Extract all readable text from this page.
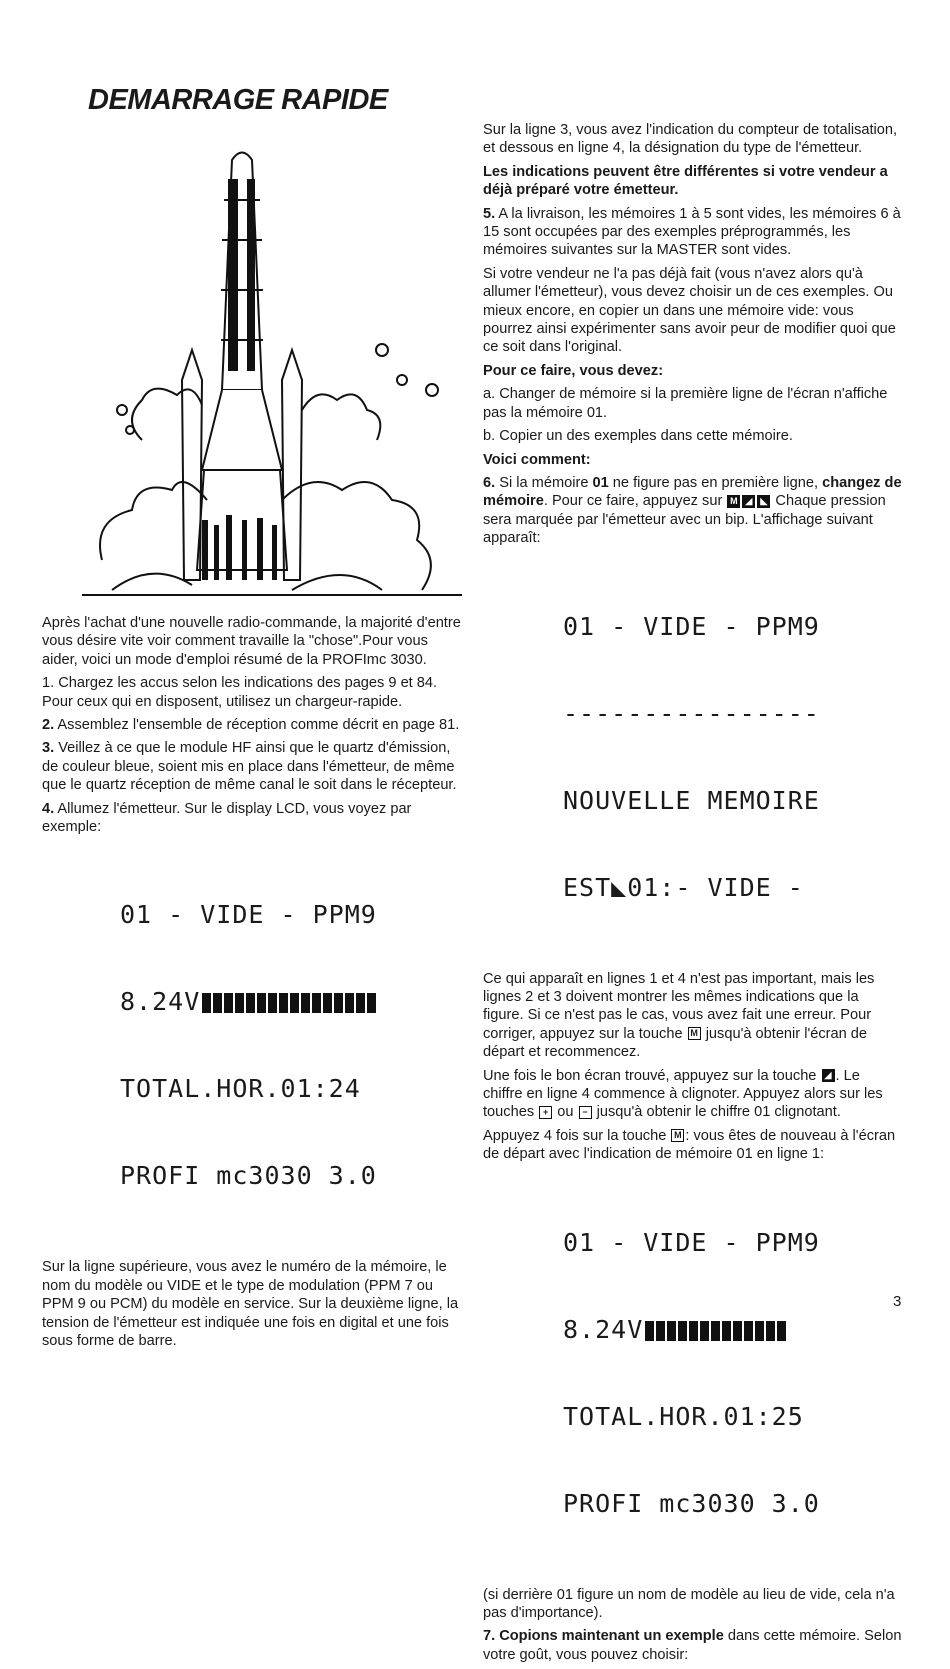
DEMARRAGE RAPIDE

Après l'achat d'une nouvelle radio-commande, la majorité d'entre vous désire vite voir comment travaille la "chose".Pour vous aider, voici un mode d'emploi résumé de la PROFImc 3030.

1. Chargez les accus selon les indications des pages 9 et 84. Pour ceux qui en disposent, utilisez un chargeur-rapide.

2. Assemblez l'ensemble de réception comme décrit en page 81.

3. Veillez à ce que le module HF ainsi que le quartz d'émission, de couleur bleue, soient mis en place dans l'émetteur, de même que le quartz réception de même canal le soit dans le récepteur.

4. Allumez l'émetteur. Sur le display LCD, vous voyez par exemple:

01 - VIDE - PPM9

8.24V

TOTAL.HOR.01:24

PROFI mc3030 3.0

Sur la ligne supérieure, vous avez le numéro de la mémoire, le nom du modèle ou VIDE et le type de modulation (PPM 7 ou PPM 9 ou PCM) du modèle en service. Sur la deuxième ligne, la tension de l'émetteur est indiquée une fois en digital et une fois sous forme de barre.

Sur la ligne 3, vous avez l'indication du compteur de totalisation, et dessous en ligne 4, la désignation du type de l'émetteur.

Les indications peuvent être différentes si votre vendeur a déjà préparé votre émetteur.

5. A la livraison, les mémoires 1 à 5 sont vides, les mémoires 6 à 15 sont occupées par des exemples préprogrammés, les mémoires suivantes sur la MASTER sont vides.

Si votre vendeur ne l'a pas déjà fait (vous n'avez alors qu'à allumer l'émetteur), vous devez choisir un de ces exemples. Ou mieux encore, en copier un dans une mémoire vide: vous pourrez ainsi expérimenter sans avoir peur de modifier quoi que ce soit dans l'original.

Pour ce faire, vous devez:

a. Changer de mémoire si la première ligne de l'écran n'affiche pas la mémoire 01.

b. Copier un des exemples dans cette mémoire.

Voici comment:

6. Si la mémoire 01 ne figure pas en première ligne, changez de mémoire. Pour ce faire, appuyez sur M ◢ ◣ Chaque pression sera marquée par l'émetteur avec un bip. L'affichage suivant apparaît:

01 - VIDE - PPM9

----------------

NOUVELLE MEMOIRE

EST◣01:- VIDE -

Ce qui apparaît en lignes 1 et 4 n'est pas important, mais les lignes 2 et 3 doivent montrer les mêmes indications que la figure. Si ce n'est pas le cas, vous avez fait une erreur. Pour corriger, appuyez sur la touche M jusqu'à obtenir l'écran de départ et recommencez.

Une fois le bon écran trouvé, appuyez sur la touche ◢ . Le chiffre en ligne 4 commence à clignoter. Appuyez alors sur les touches + ou − jusqu'à obtenir le chiffre 01 clignotant.

Appuyez 4 fois sur la touche M : vous êtes de nouveau à l'écran de départ avec l'indication de mémoire 01 en ligne 1:

01 - VIDE - PPM9

8.24V

TOTAL.HOR.01:25

PROFI mc3030 3.0

(si derrière 01 figure un nom de modèle au lieu de vide, cela n'a pas d'importance).

7. Copions maintenant un exemple dans cette mémoire. Selon votre goût, vous pouvez choisir:

3
